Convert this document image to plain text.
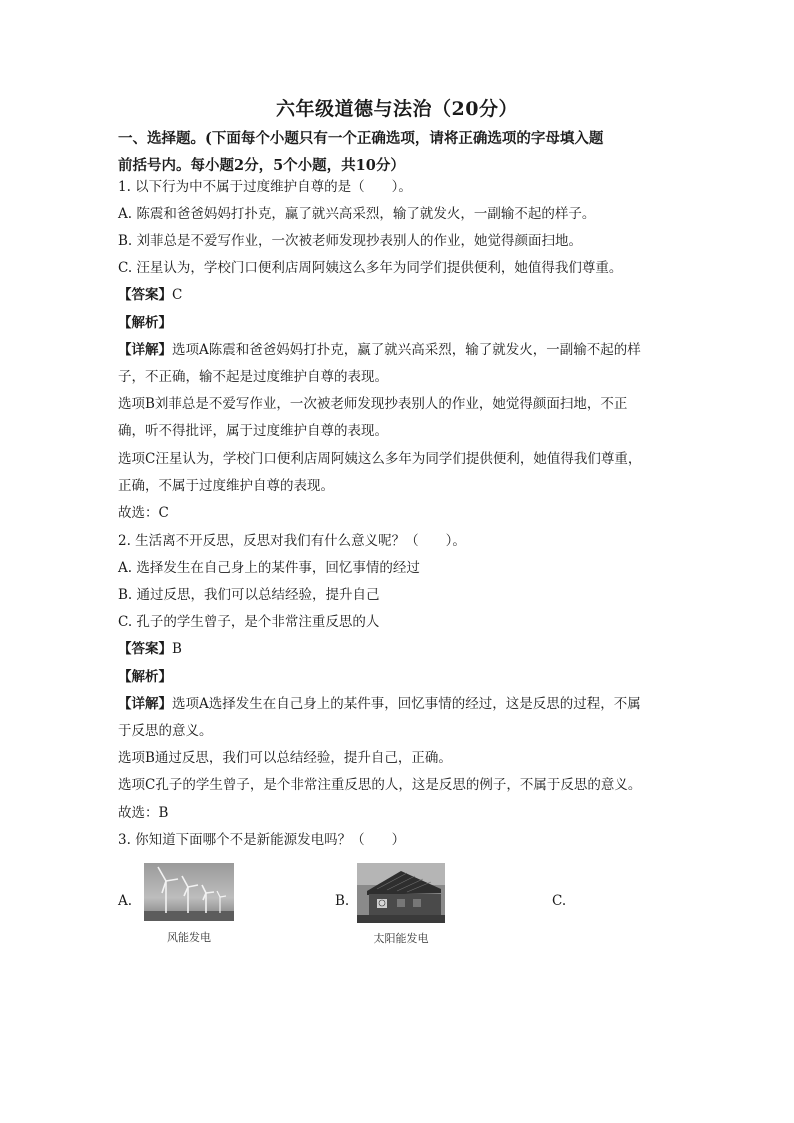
六年级道德与法治（20分）
一、选择题。(下面每个小题只有一个正确选项，请将正确选项的字母填入题
前括号内。每小题2分，5个小题，共10分）
1. 以下行为中不属于过度维护自尊的是（　　）。
A. 陈震和爸爸妈妈打扑克，赢了就兴高采烈，输了就发火，一副输不起的样子。
B. 刘菲总是不爱写作业，一次被老师发现抄表别人的作业，她觉得颜面扫地。
C. 汪星认为，学校门口便利店周阿姨这么多年为同学们提供便利，她值得我们尊重。
【答案】C
【解析】
【详解】选项A陈震和爸爸妈妈打扑克，赢了就兴高采烈，输了就发火，一副输不起的样
子，不正确，输不起是过度维护自尊的表现。
选项B刘菲总是不爱写作业，一次被老师发现抄表别人的作业，她觉得颜面扫地，不正
确，听不得批评，属于过度维护自尊的表现。
选项C汪星认为，学校门口便利店周阿姨这么多年为同学们提供便利，她值得我们尊重，
正确，不属于过度维护自尊的表现。
故选：C
2. 生活离不开反思，反思对我们有什么意义呢？（　　）。
A. 选择发生在自己身上的某件事，回忆事情的经过
B. 通过反思，我们可以总结经验，提升自己
C. 孔子的学生曾子，是个非常注重反思的人
【答案】B
【解析】
【详解】选项A选择发生在自己身上的某件事，回忆事情的经过，这是反思的过程，不属
于反思的意义。
选项B通过反思，我们可以总结经验，提升自己，正确。
选项C孔子的学生曾子，是个非常注重反思的人，这是反思的例子，不属于反思的意义。
故选：B
3. 你知道下面哪个不是新能源发电吗？（　　）
A.
风能发电
B.
太阳能发电
C.
